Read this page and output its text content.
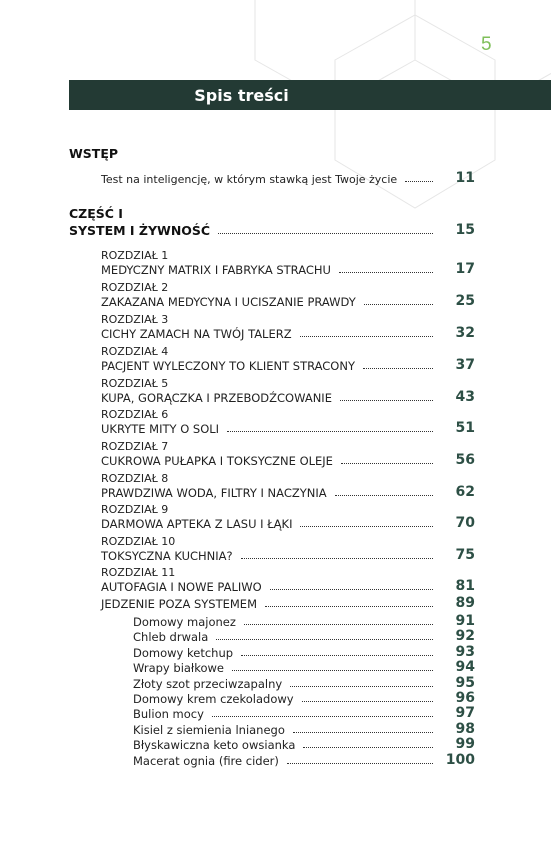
5
Spis treści
WSTĘP
Test na inteligencję, w którym stawką jest Twoje życie	11
CZĘŚĆ I
SYSTEM I ŻYWNOŚĆ	15
ROZDZIAŁ 1
MEDYCZNY MATRIX I FABRYKA STRACHU	17
ROZDZIAŁ 2
ZAKAZANA MEDYCYNA I UCISZANIE PRAWDY	25
ROZDZIAŁ 3
CICHY ZAMACH NA TWÓJ TALERZ	32
ROZDZIAŁ 4
PACJENT WYLECZONY TO KLIENT STRACONY	37
ROZDZIAŁ 5
KUPA, GORĄCZKA I PRZEBODŹCOWANIE	43
ROZDZIAŁ 6
UKRYTE MITY O SOLI	51
ROZDZIAŁ 7
CUKROWA PUŁAPKA I TOKSYCZNE OLEJE	56
ROZDZIAŁ 8
PRAWDZIWA WODA, FILTRY I NACZYNIA	62
ROZDZIAŁ 9
DARMOWA APTEKA Z LASU I ŁĄKI	70
ROZDZIAŁ 10
TOKSYCZNA KUCHNIA?	75
ROZDZIAŁ 11
AUTOFAGIA I NOWE PALIWO	81
JEDZENIE POZA SYSTEMEM	89
Domowy majonez	91
Chleb drwala	92
Domowy ketchup	93
Wrapy białkowe	94
Złoty szot przeciwzapalny	95
Domowy krem czekoladowy	96
Bulion mocy	97
Kisiel z siemienia lnianego	98
Błyskawiczna keto owsianka	99
Macerat ognia (fire cider)	100
